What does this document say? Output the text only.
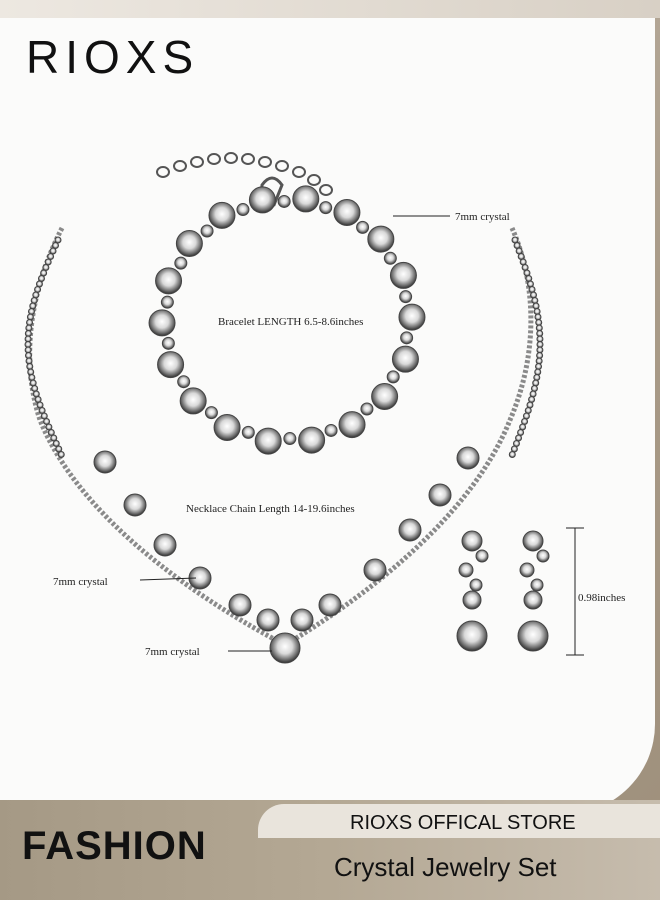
RIOXS
7mm crystal
Bracelet LENGTH 6.5-8.6inches
Necklace Chain Length 14-19.6inches
7mm crystal
7mm crystal
0.98inches
FASHION
RIOXS OFFICAL STORE
Crystal Jewelry Set
